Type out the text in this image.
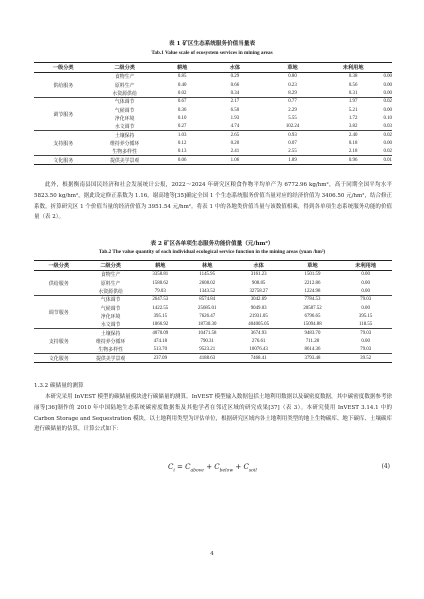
表 1 矿区生态系统服务价值当量表
Tab.1 Value scale of ecosystem services in mining areas
一级分类	二级分类	耕地	水体	草地	未利用地	
供给服务	食物生产	0.85	0.29	0.80	0.38	0.00
	原料生产	0.40	0.66	0.23	0.56	0.00
	水资源供给	0.02	0.34	8.29	0.31	0.00
调节服务	气体调节	0.67	2.17	0.77	1.97	0.02
	气候调节	0.36	6.50	2.29	5.21	0.00
	净化环境	0.10	1.93	5.55	1.72	0.10
	水文调节	0.27	4.74	102.24	3.82	0.03
支持服务	土壤保持	1.03	2.65	0.93	2.40	0.02
	维持养分循环	0.12	0.20	0.07	0.18	0.00
	生物多样性	0.13	2.41	2.55	2.18	0.02
文化服务	提供美学景观	0.06	1.06	1.89	0.96	0.01

此外，根据衡南县国民经济和社会发展统计公报，2022～2024 年研究区粮食作物平均单产为 6772.96 kg/hm²，高于同期全国平均水平 5823.50 kg/hm²，据此设定修正系数为 1.16。谢高地等[35]确定全国 1 个生态系统服务价值当量对应的经济价值为 3406.50 元/hm²，结合修正系数，折算研究区 1 个价值当量的经济价值为 3951.54 元/hm²。将表 1 中的各地类价值当量与该数值相乘，得到各单项生态系统服务功能的价值量（表 2）。

表 2 矿区各单项生态服务功能价值量（元/hm²）
Tab.2 The value quantity of each individual ecological service function in the mining areas (yuan /hm²)
一级分类	二级分类	耕地	林地	水体	草地	未利用地
供给服务	食物生产	3358.81	1145.95	3161.23	1501.59	0.00
	原料生产	1580.62	2608.02	908.85	2212.86	0.00
	水资源供给	79.03	1343.52	32758.27	1224.98	0.00
调节服务	气体调节	2647.53	8574.84	3042.69	7784.53	79.03
	气候调节	1422.55	25685.01	9049.03	20587.52	0.00
	净化环境	395.15	7626.47	21931.05	6796.65	395.15
	水文调节	1066.92	18730.30	404005.05	15094.88	118.55
支持服务	土壤保持	4070.09	10471.58	3674.93	9483.70	79.03
	维持养分循环	474.18	790.31	276.61	711.28	0.00
	生物多样性	513.70	9523.21	10076.43	8614.36	79.03
文化服务	提供美学景观	237.09	4188.63	7468.41	3793.48	39.52
1.3.2 碳储量的测算

本研究采用 InVEST 模型的碳储量模块进行碳储量的测算。InVEST 模型输入数据包括土地利用数据以及碳密度数据，其中碳密度数据参考徐丽等[36]制作的 2010 年中国陆地生态系统碳密度数据集及其他学者在邻近区域的研究成果[37]（表 3）。本研究使用 InVEST 3.14.1 中的 Carbon Storage and Sequestration 模块，以土地利用类型为评估单位，根据研究区域内各土地利用类型的地上生物碳库、地下碳库、土壤碳库进行碳储量的估算，计算公式如下：

$C_i = C_{above} + C_{below} + C_{soil}$
(4)
4
